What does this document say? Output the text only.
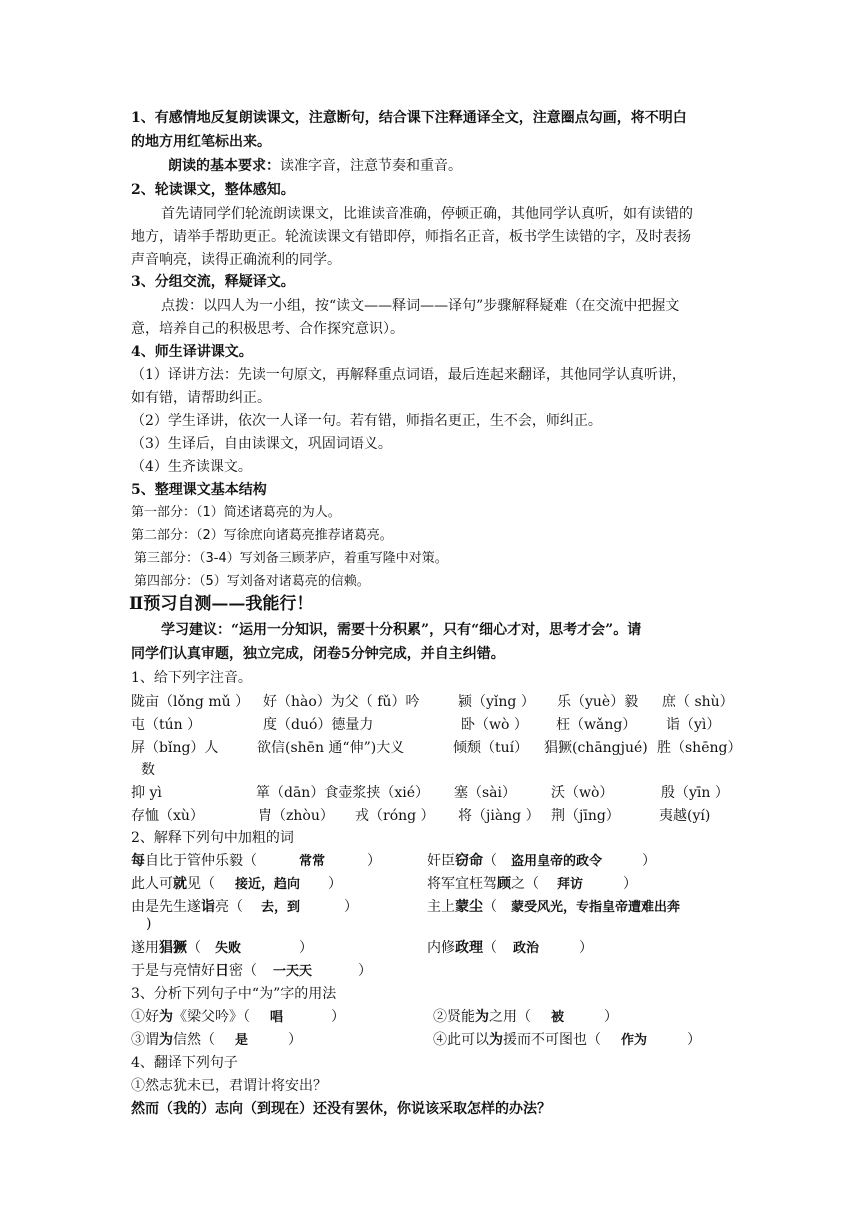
1、有感情地反复朗读课文，注意断句，结合课下注释通译全文，注意圈点勾画，将不明白
的地方用红笔标出来。
朗读的基本要求：读准字音，注意节奏和重音。
2、轮读课文，整体感知。
首先请同学们轮流朗读课文，比谁读音准确，停顿正确，其他同学认真听，如有读错的
地方，请举手帮助更正。轮流读课文有错即停，师指名正音，板书学生读错的字，及时表扬
声音响亮，读得正确流利的同学。
3、分组交流，释疑译文。
点拨：以四人为一小组，按“读文——释词——译句”步骤解释疑难（在交流中把握文
意，培养自己的积极思考、合作探究意识）。
4、师生译讲课文。
（1）译讲方法：先读一句原文，再解释重点词语，最后连起来翻译，其他同学认真听讲，
如有错，请帮助纠正。
（2）学生译讲，依次一人译一句。若有错，师指名更正，生不会，师纠正。
（3）生译后，自由读课文，巩固词语义。
（4）生齐读课文。
5、整理课文基本结构
第一部分：（1）简述诸葛亮的为人。
第二部分：（2）写徐庶向诸葛亮推荐诸葛亮。
第三部分：（3-4）写刘备三顾茅庐，着重写隆中对策。
第四部分：（5）写刘备对诸葛亮的信赖。
Ⅱ预习自测——我能行！
学习建议：“运用一分知识，需要十分积累”，只有“细心才对，思考才会”。请
同学们认真审题，独立完成，闭卷5分钟完成，并自主纠错。
1、给下列字注音。
陇亩（lǒng mǔ ） 好（hào）为父（ fǔ）吟	颍（yǐng ） 乐（yuè）毅 庶（ shù）
屯（tún ）	度（duó）德量力	卧（wò ） 枉（wǎng） 诣（yì）
屏（bǐng）人	欲信(shēn 通“伸”)大义	倾颓（tuí） 猖獗(chāngjué) 胜（shēng）
数
抑 yì	箪（dān）食壶浆挟（xié） 塞（sài） 沃（wò）	殷（yīn ）
存恤（xù）	胄（zhòu） 戎（róng ） 将（jiàng ） 荆（jīng）	夷越(yí)
2、解释下列句中加粗的词
每自比于管仲乐毅（	常常	）	奸臣窃命（ 盗用皇帝的政令	）
此人可就见（ 接近，趋向 ）	将军宜枉驾顾之（ 拜访	）
由是先生遂诣亮（ 去，到	）	主上蒙尘（ 蒙受风光，专指皇帝遭难出奔
)
遂用猖獗（ 失败	）	内修政理（ 政治	）
于是与亮情好日密（ 一天天	）
3、分析下列句子中“为”字的用法
①好为《梁父吟》（ 唱	）	②贤能为之用（ 被	）
③谓为信然（ 是	）	④此可以为援而不可图也（ 作为	）
4、翻译下列句子
①然志犹未已，君谓计将安出？
然而（我的）志向（到现在）还没有罢休，你说该采取怎样的办法？
